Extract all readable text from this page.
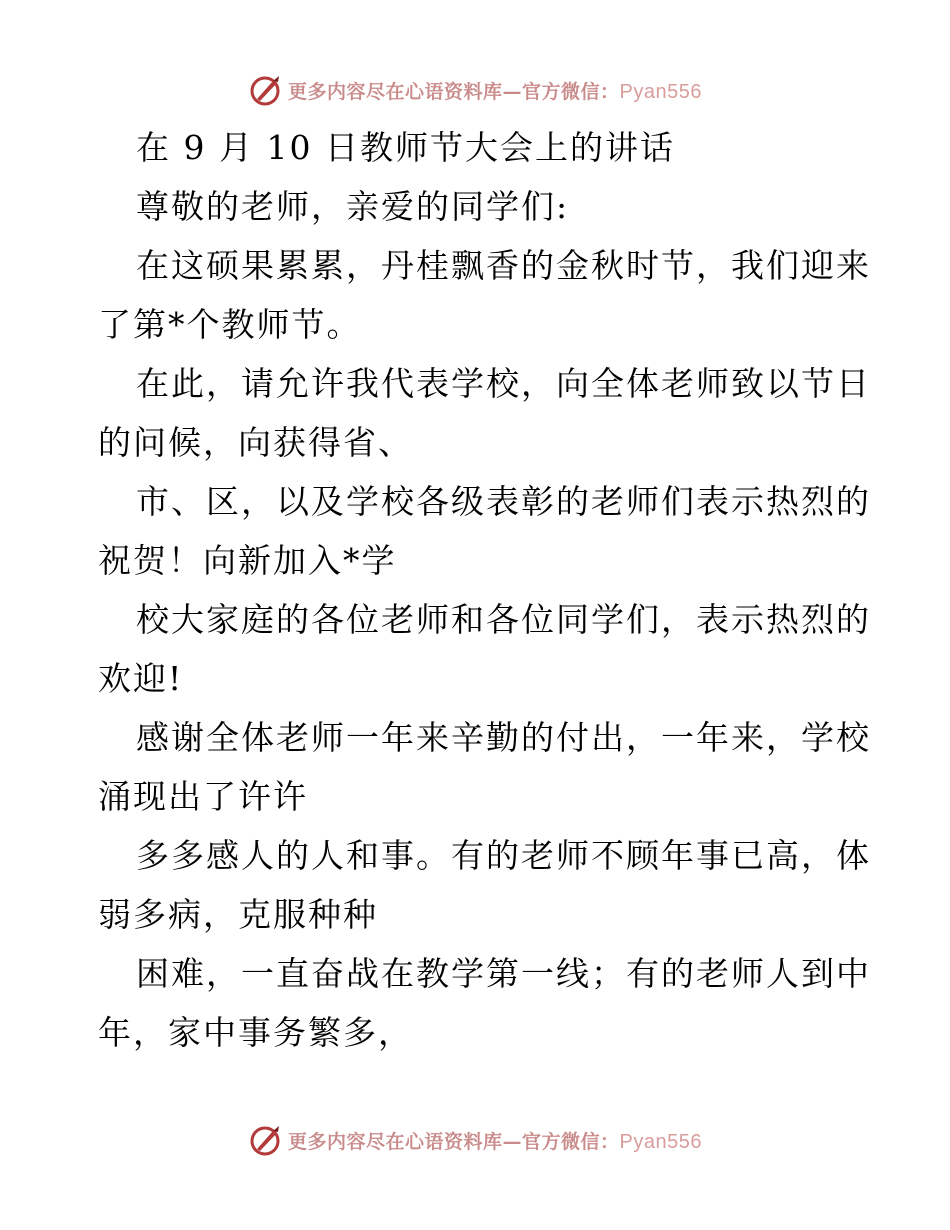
更多内容尽在心语资料库—官方微信：Pyan556
在 9 月 10 日教师节大会上的讲话
尊敬的老师，亲爱的同学们:
在这硕果累累，丹桂飘香的金秋时节，我们迎来
了第*个教师节。
在此，请允许我代表学校，向全体老师致以节日
的问候，向获得省、
市、区，以及学校各级表彰的老师们表示热烈的
祝贺！向新加入*学
校大家庭的各位老师和各位同学们，表示热烈的
欢迎!
感谢全体老师一年来辛勤的付出，一年来，学校
涌现出了许许
多多感人的人和事。有的老师不顾年事已高，体
弱多病，克服种种
困难，一直奋战在教学第一线；有的老师人到中
年，家中事务繁多，
更多内容尽在心语资料库—官方微信：Pyan556
